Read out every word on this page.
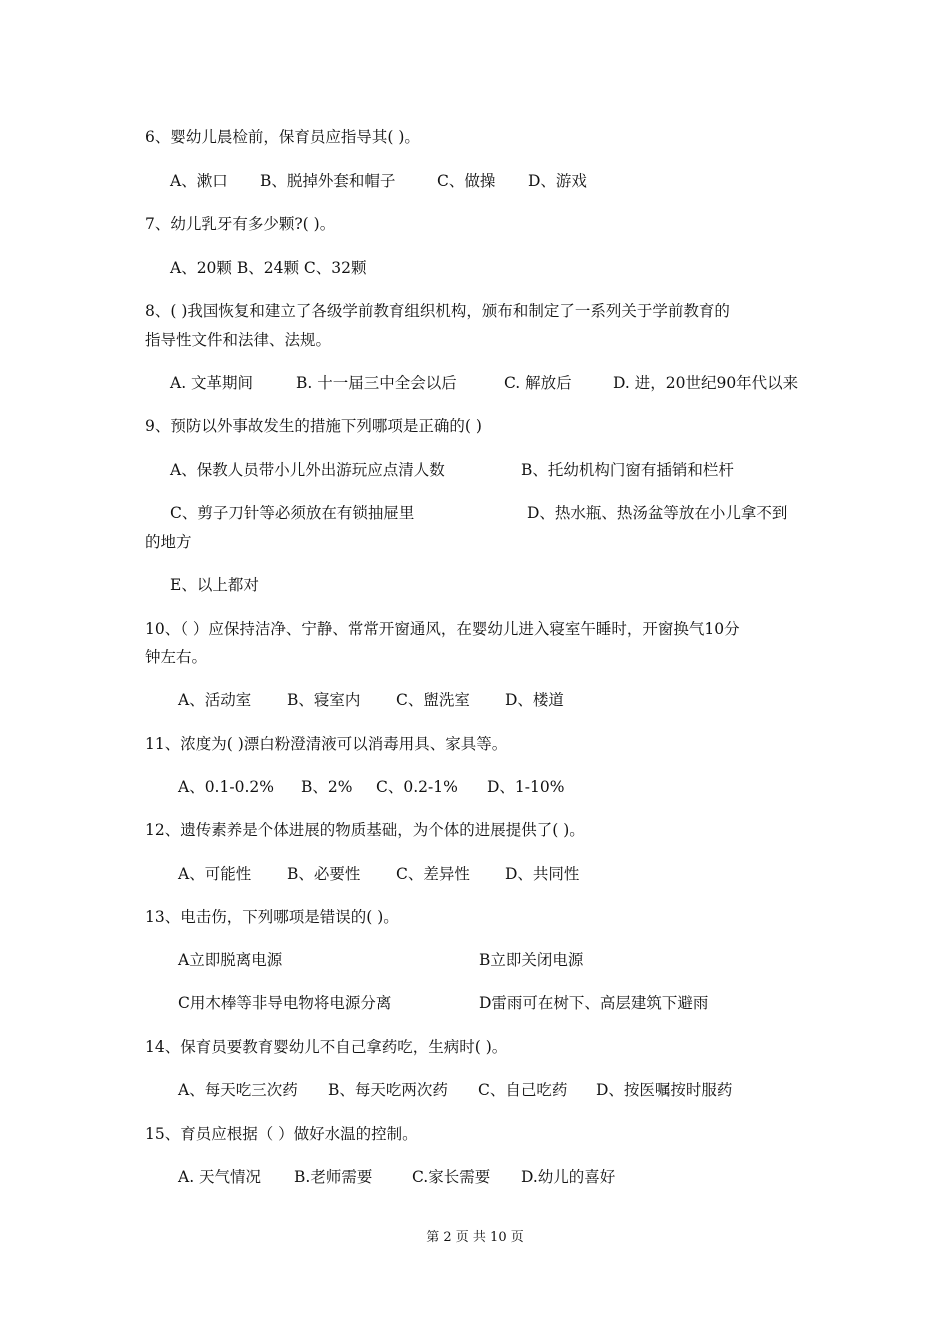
6、婴幼儿晨检前，保育员应指导其( )。
A、漱口 B、脱掉外套和帽子	C、做操 D、游戏
7、幼儿乳牙有多少颗?( )。
A、20颗 B、24颗 C、32颗
8、( )我国恢复和建立了各级学前教育组织机构，颁布和制定了一系列关于学前教育的
指导性文件和法律、法规。
A. 文革期间	B. 十一届三中全会以后	C. 解放后	D. 进，20世纪90年代以来
9、预防以外事故发生的措施下列哪项是正确的( )
A、保教人员带小儿外出游玩应点清人数	B、托幼机构门窗有插销和栏杆
C、剪子刀针等必须放在有锁抽屉里	D、热水瓶、热汤盆等放在小儿拿不到
的地方
E、以上都对
10、（ ）应保持洁净、宁静、常常开窗通风，在婴幼儿进入寝室午睡时，开窗换气10分
钟左右。
A、活动室 B、寝室内 C、盥洗室 D、楼道
11、浓度为( )漂白粉澄清液可以消毒用具、家具等。
A、0.1-0.2% B、2% C、0.2-1% D、1-10%
12、遗传素养是个体进展的物质基础，为个体的进展提供了( )。
A、可能性 B、必要性 C、差异性 D、共同性
13、电击伤，下列哪项是错误的( )。
A立即脱离电源	B立即关闭电源
C用木棒等非导电物将电源分离	D雷雨可在树下、高层建筑下避雨
14、保育员要教育婴幼儿不自己拿药吃，生病时( )。
A、每天吃三次药 B、每天吃两次药 C、自己吃药 D、按医嘱按时服药
15、育员应根据（ ）做好水温的控制。
A. 天气情况 B.老师需要	C.家长需要 D.幼儿的喜好
第 2 页 共 10 页
